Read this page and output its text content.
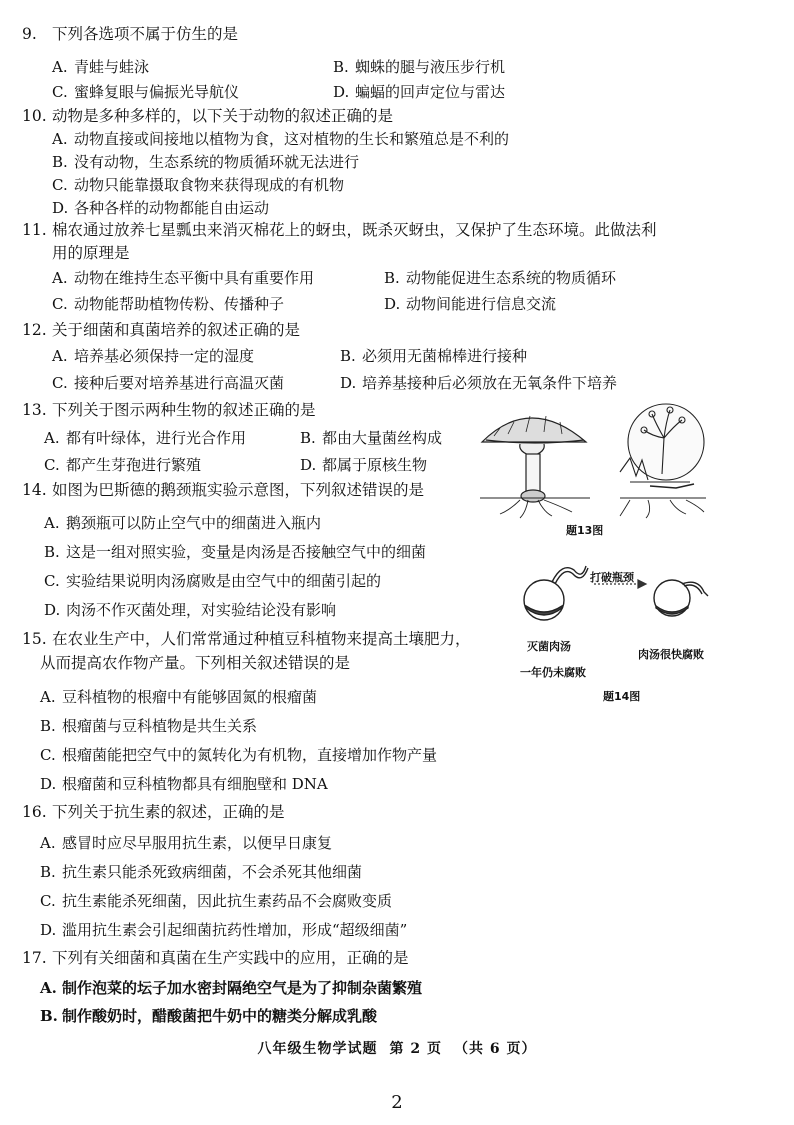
9. 下列各选项不属于仿生的是
A. 青蛙与蛙泳	B. 蜘蛛的腿与液压步行机
C. 蜜蜂复眼与偏振光导航仪	D. 蝙蝠的回声定位与雷达
10. 动物是多种多样的，以下关于动物的叙述正确的是
A. 动物直接或间接地以植物为食，这对植物的生长和繁殖总是不利的
B. 没有动物，生态系统的物质循环就无法进行
C. 动物只能靠摄取食物来获得现成的有机物
D. 各种各样的动物都能自由运动
11. 棉农通过放养七星瓢虫来消灭棉花上的蚜虫，既杀灭蚜虫，又保护了生态环境。此做法利
用的原理是
A. 动物在维持生态平衡中具有重要作用	B. 动物能促进生态系统的物质循环
C. 动物能帮助植物传粉、传播种子	D. 动物间能进行信息交流
12. 关于细菌和真菌培养的叙述正确的是
A. 培养基必须保持一定的湿度	B. 必须用无菌棉棒进行接种
C. 接种后要对培养基进行高温灭菌	D. 培养基接种后必须放在无氧条件下培养
13. 下列关于图示两种生物的叙述正确的是
A. 都有叶绿体，进行光合作用	B. 都由大量菌丝构成
C. 都产生芽孢进行繁殖	D. 都属于原核生物
14. 如图为巴斯德的鹅颈瓶实验示意图，下列叙述错误的是
A. 鹅颈瓶可以防止空气中的细菌进入瓶内
B. 这是一组对照实验，变量是肉汤是否接触空气中的细菌
C. 实验结果说明肉汤腐败是由空气中的细菌引起的
D. 肉汤不作灭菌处理，对实验结论没有影响
15. 在农业生产中，人们常常通过种植豆科植物来提高土壤肥力，
从而提高农作物产量。下列相关叙述错误的是
A. 豆科植物的根瘤中有能够固氮的根瘤菌
B. 根瘤菌与豆科植物是共生关系
C. 根瘤菌能把空气中的氮转化为有机物，直接增加作物产量
D. 根瘤菌和豆科植物都具有细胞壁和 DNA
16. 下列关于抗生素的叙述，正确的是
A. 感冒时应尽早服用抗生素，以便早日康复
B. 抗生素只能杀死致病细菌，不会杀死其他细菌
C. 抗生素能杀死细菌，因此抗生素药品不会腐败变质
D. 滥用抗生素会引起细菌抗药性增加，形成“超级细菌”
17. 下列有关细菌和真菌在生产实践中的应用，正确的是
A. 制作泡菜的坛子加水密封隔绝空气是为了抑制杂菌繁殖
B. 制作酸奶时，醋酸菌把牛奶中的糖类分解成乳酸
题13图
打破瓶颈
灭菌肉汤
一年仍未腐败
肉汤很快腐败
题14图
八年级生物学试题 第 2 页 （共 6 页）
2
